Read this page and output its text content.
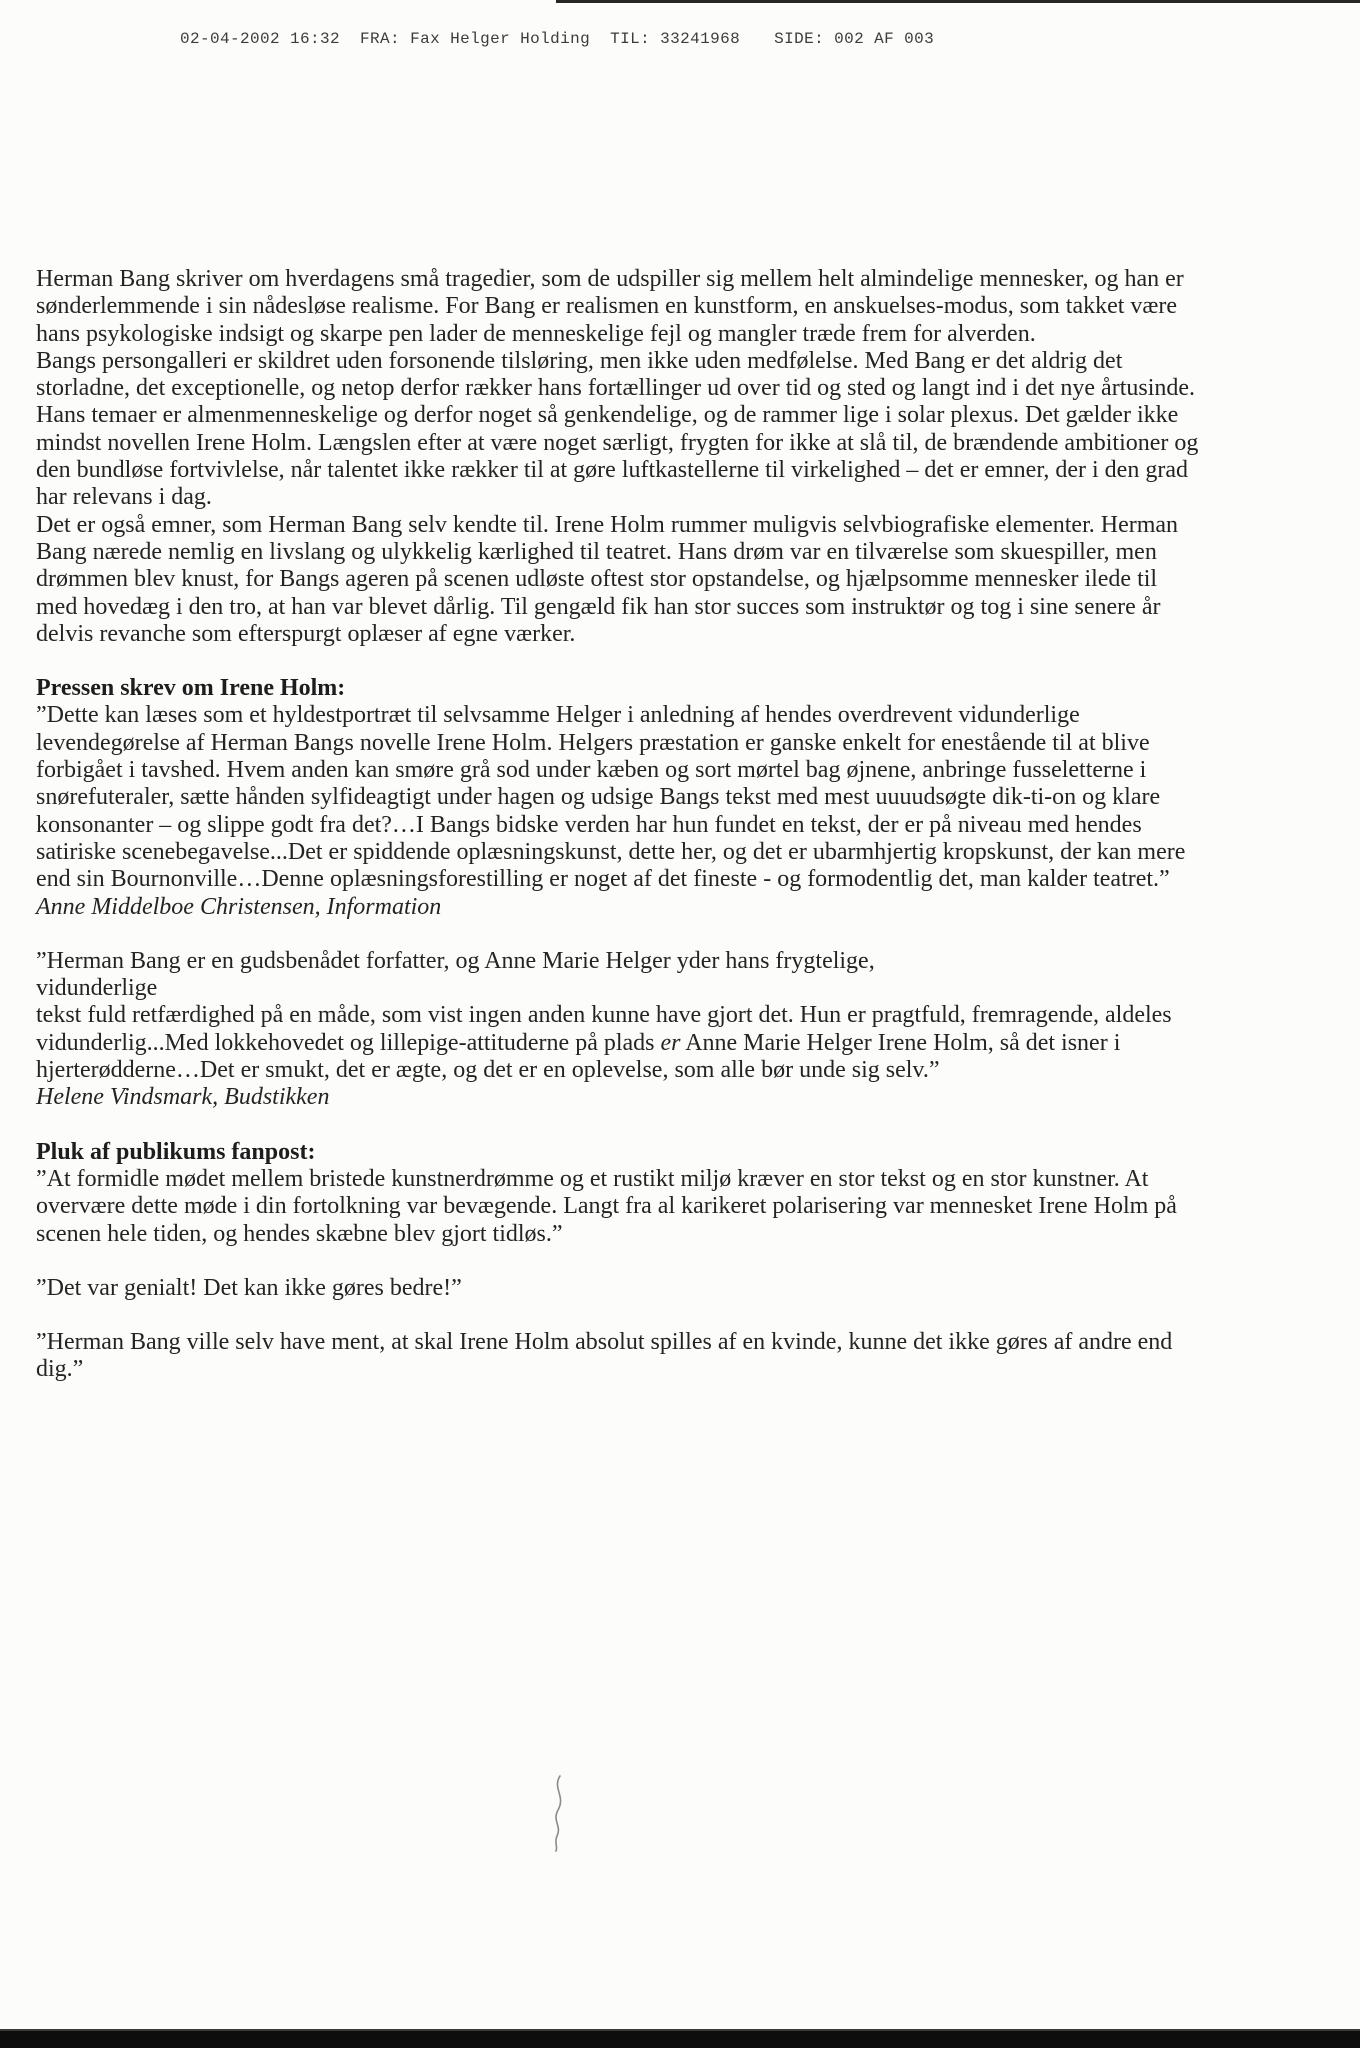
02-04-2002 16:32 FRA: Fax Helger Holding TIL: 33241968 SIDE: 002 AF 003

Herman Bang skriver om hverdagens små tragedier, som de udspiller sig mellem helt almindelige mennesker, og han er sønderlemmende i sin nådesløse realisme. For Bang er realismen en kunstform, en anskuelses-modus, som takket være hans psykologiske indsigt og skarpe pen lader de menneskelige fejl og mangler træde frem for alverden.

Bangs persongalleri er skildret uden forsonende tilsløring, men ikke uden medfølelse. Med Bang er det aldrig det storladne, det exceptionelle, og netop derfor rækker hans fortællinger ud over tid og sted og langt ind i det nye årtusinde. Hans temaer er almenmenneskelige og derfor noget så genkendelige, og de rammer lige i solar plexus. Det gælder ikke mindst novellen Irene Holm. Længslen efter at være noget særligt, frygten for ikke at slå til, de brændende ambitioner og den bundløse fortvivlelse, når talentet ikke rækker til at gøre luftkastellerne til virkelighed – det er emner, der i den grad har relevans i dag.

Det er også emner, som Herman Bang selv kendte til. Irene Holm rummer muligvis selvbiografiske elementer. Herman Bang nærede nemlig en livslang og ulykkelig kærlighed til teatret. Hans drøm var en tilværelse som skuespiller, men drømmen blev knust, for Bangs ageren på scenen udløste oftest stor opstandelse, og hjælpsomme mennesker ilede til med hovedæg i den tro, at han var blevet dårlig. Til gengæld fik han stor succes som instruktør og tog i sine senere år delvis revanche som efterspurgt oplæser af egne værker.

Pressen skrev om Irene Holm:

”Dette kan læses som et hyldestportræt til selvsamme Helger i anledning af hendes overdrevent vidunderlige levendegørelse af Herman Bangs novelle Irene Holm. Helgers præstation er ganske enkelt for enestående til at blive forbigået i tavshed. Hvem anden kan smøre grå sod under kæben og sort mørtel bag øjnene, anbringe fusseletterne i snørefuteraler, sætte hånden sylfideagtigt under hagen og udsige Bangs tekst med mest uuuudsøgte dik-ti-on og klare konsonanter – og slippe godt fra det?…I Bangs bidske verden har hun fundet en tekst, der er på niveau med hendes satiriske scenebegavelse...Det er spiddende oplæsningskunst, dette her, og det er ubarmhjertig kropskunst, der kan mere end sin Bournonville…Denne oplæsningsforestilling er noget af det fineste - og formodentlig det, man kalder teatret.”

Anne Middelboe Christensen, Information

”Herman Bang er en gudsbenådet forfatter, og Anne Marie Helger yder hans frygtelige,
vidunderlige
tekst fuld retfærdighed på en måde, som vist ingen anden kunne have gjort det. Hun er pragtfuld, fremragende, aldeles vidunderlig...Med lokkehovedet og lillepige-attituderne på plads er Anne Marie Helger Irene Holm, så det isner i hjerterødderne…Det er smukt, det er ægte, og det er en oplevelse, som alle bør unde sig selv.”

Helene Vindsmark, Budstikken

Pluk af publikums fanpost:

”At formidle mødet mellem bristede kunstnerdrømme og et rustikt miljø kræver en stor tekst og en stor kunstner. At overvære dette møde i din fortolkning var bevægende. Langt fra al karikeret polarisering var mennesket Irene Holm på scenen hele tiden, og hendes skæbne blev gjort tidløs.”

”Det var genialt! Det kan ikke gøres bedre!”

”Herman Bang ville selv have ment, at skal Irene Holm absolut spilles af en kvinde, kunne det ikke gøres af andre end dig.”
